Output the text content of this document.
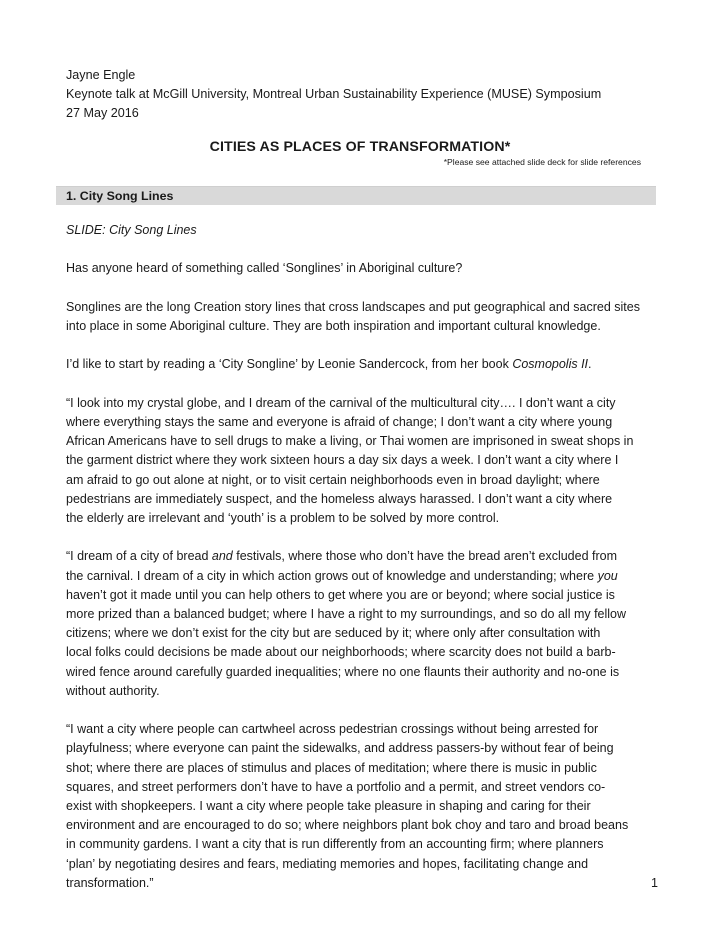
Jayne Engle
Keynote talk at McGill University, Montreal Urban Sustainability Experience (MUSE) Symposium
27 May 2016
CITIES AS PLACES OF TRANSFORMATION*
*Please see attached slide deck for slide references
1. City Song Lines

SLIDE: City Song Lines

Has anyone heard of something called ‘Songlines’ in Aboriginal culture?

Songlines are the long Creation story lines that cross landscapes and put geographical and sacred sites
into place in some Aboriginal culture. They are both inspiration and important cultural knowledge.

I’d like to start by reading a ‘City Songline’ by Leonie Sandercock, from her book Cosmopolis II.

“I look into my crystal globe, and I dream of the carnival of the multicultural city…. I don’t want a city
where everything stays the same and everyone is afraid of change; I don’t want a city where young
African Americans have to sell drugs to make a living, or Thai women are imprisoned in sweat shops in
the garment district where they work sixteen hours a day six days a week. I don’t want a city where I
am afraid to go out alone at night, or to visit certain neighborhoods even in broad daylight; where
pedestrians are immediately suspect, and the homeless always harassed. I don’t want a city where
the elderly are irrelevant and ‘youth’ is a problem to be solved by more control.

“I dream of a city of bread and festivals, where those who don’t have the bread aren’t excluded from
the carnival. I dream of a city in which action grows out of knowledge and understanding; where you
haven’t got it made until you can help others to get where you are or beyond; where social justice is
more prized than a balanced budget; where I have a right to my surroundings, and so do all my fellow
citizens; where we don’t exist for the city but are seduced by it; where only after consultation with
local folks could decisions be made about our neighborhoods; where scarcity does not build a barb-
wired fence around carefully guarded inequalities; where no one flaunts their authority and no-one is
without authority.

“I want a city where people can cartwheel across pedestrian crossings without being arrested for
playfulness; where everyone can paint the sidewalks, and address passers-by without fear of being
shot; where there are places of stimulus and places of meditation; where there is music in public
squares, and street performers don’t have to have a portfolio and a permit, and street vendors co-
exist with shopkeepers. I want a city where people take pleasure in shaping and caring for their
environment and are encouraged to do so; where neighbors plant bok choy and taro and broad beans
in community gardens. I want a city that is run differently from an accounting firm; where planners
‘plan’ by negotiating desires and fears, mediating memories and hopes, facilitating change and
transformation.”	1
